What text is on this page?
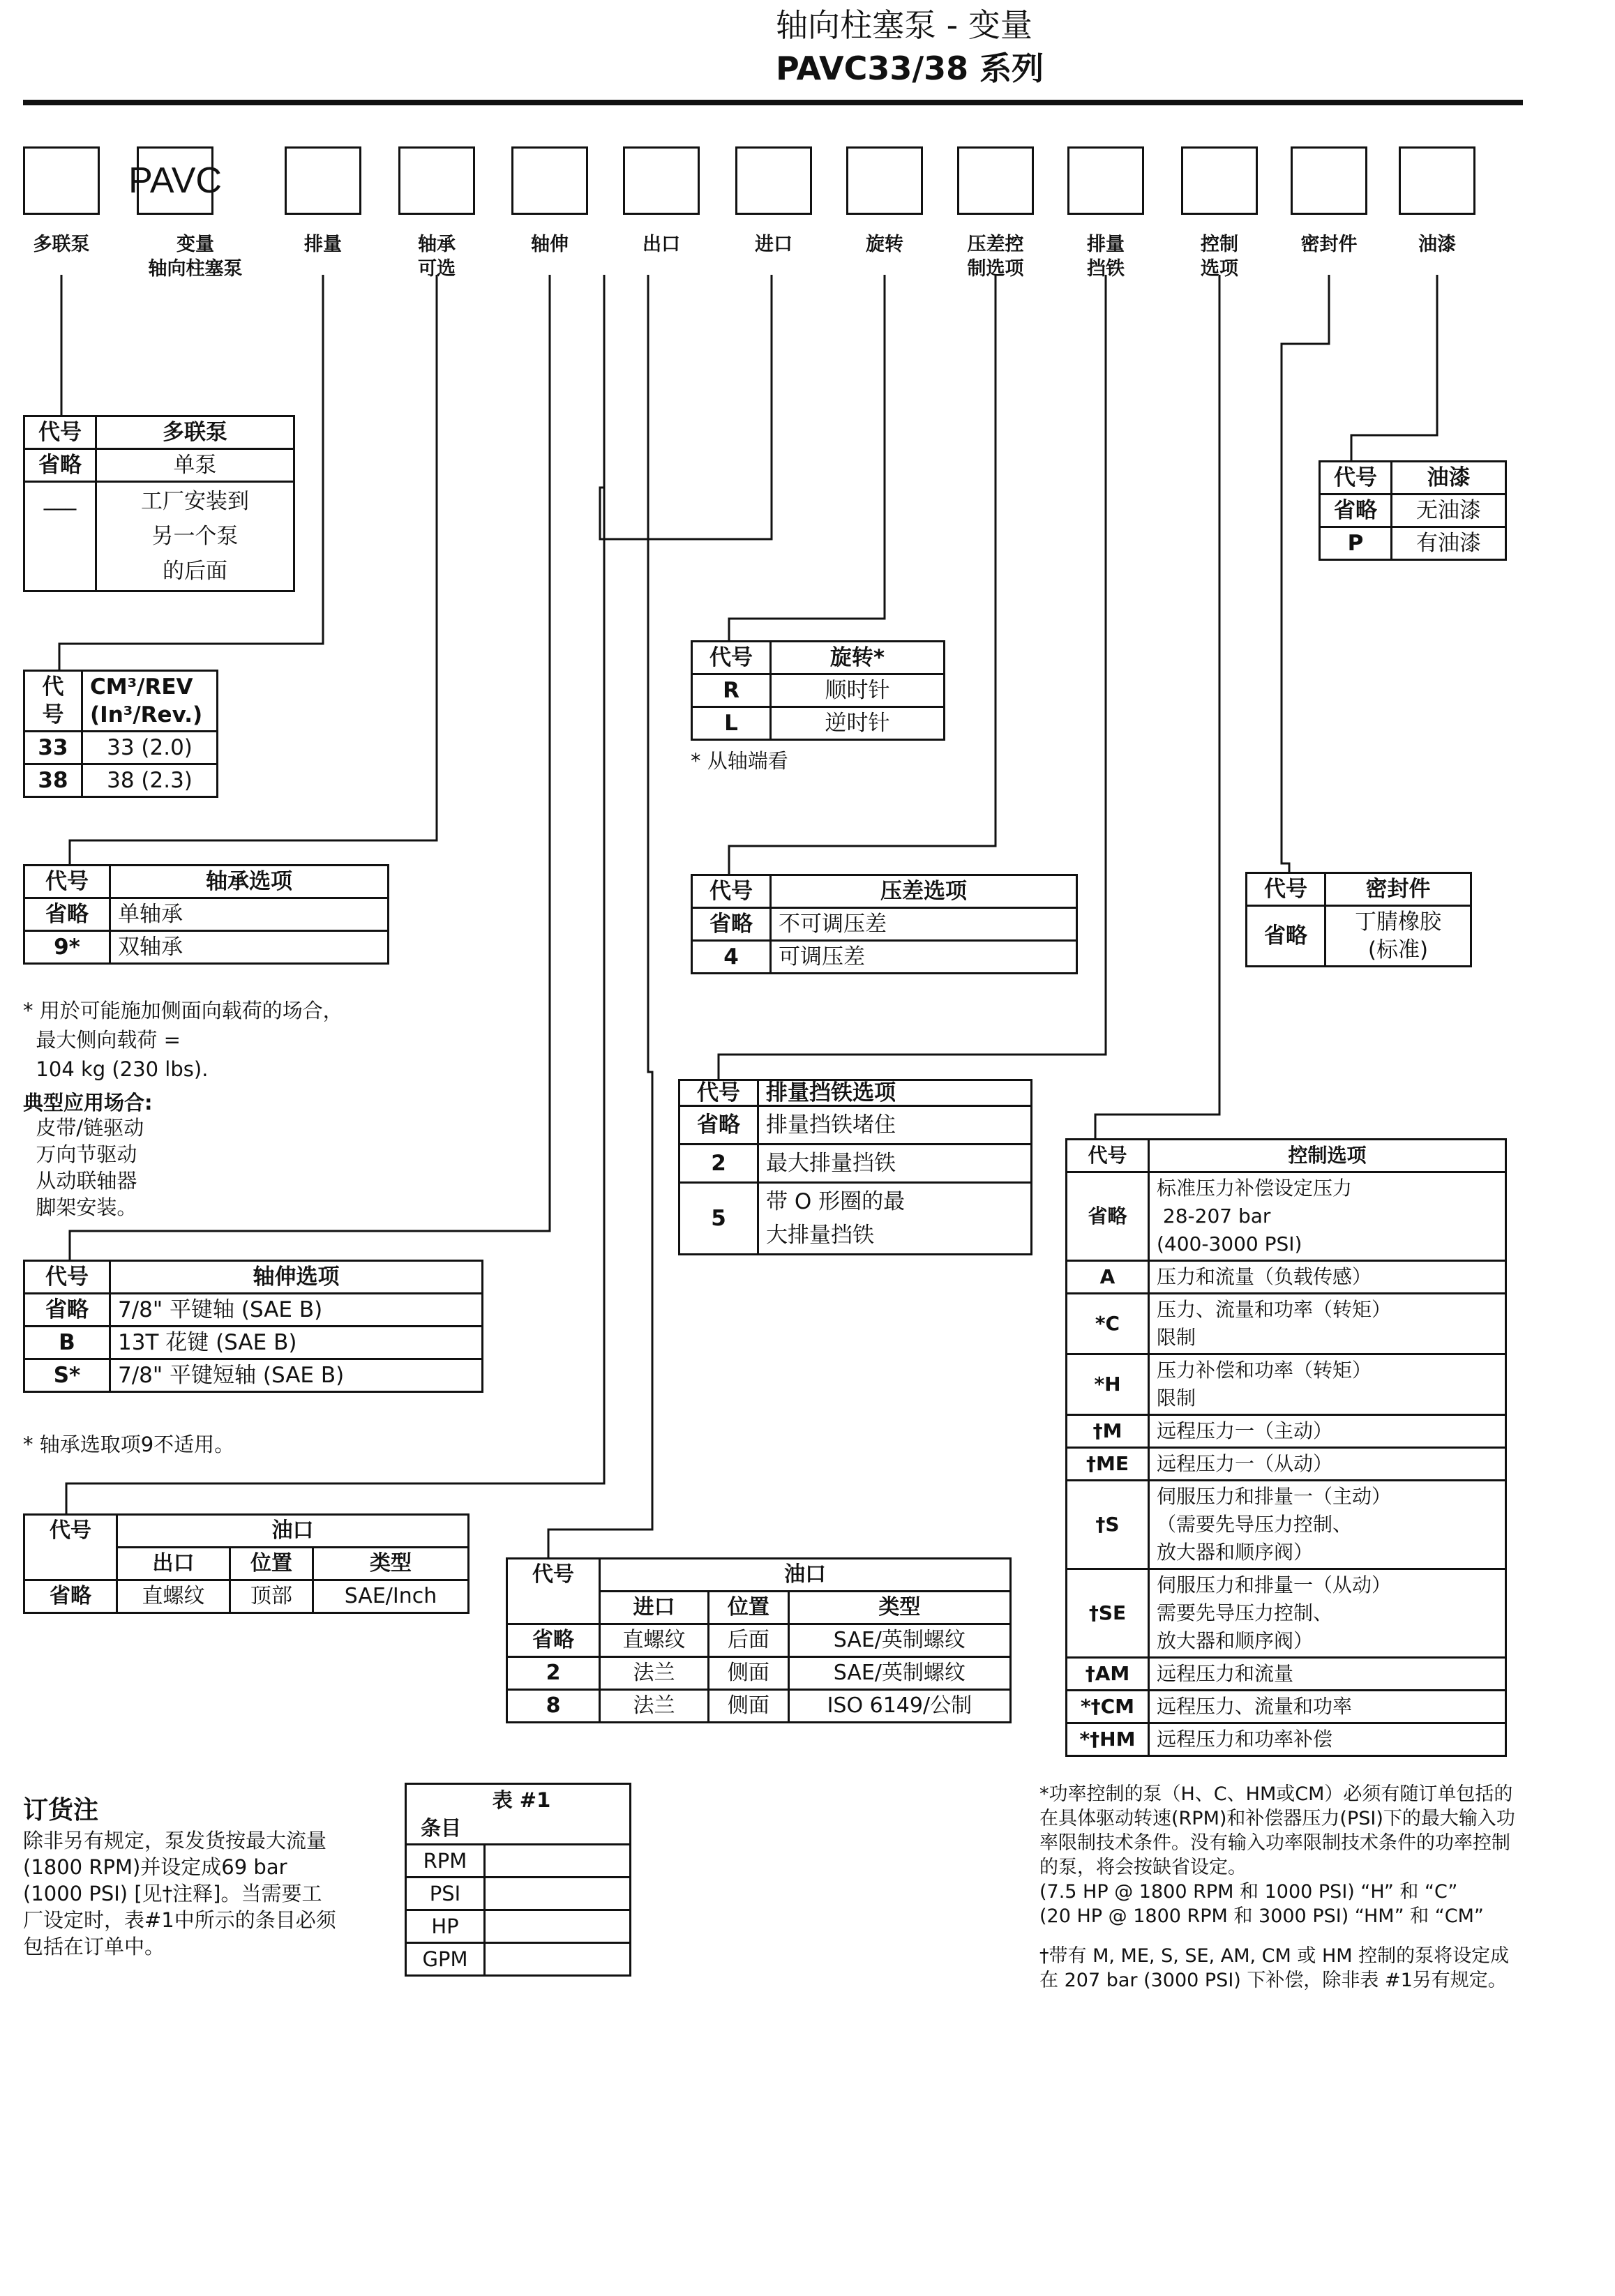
轴向柱塞泵 - 变量
PAVC33/38 系列
PAVC
多联泵	变量
轴向柱塞泵
排量	轴承
可选
轴伸	出口	进口	旋转	压差控
制选项
排量
挡铁
控制
选项
密封件	油漆
代号	多联泵
省略	单泵
___	工厂安装到
另一个泵
的后面
代号	CM³/REV
(In³/Rev.)
33	33 (2.0)
38	38 (2.3)
代号	轴承选项
省略	单轴承
9*	双轴承
* 用於可能施加侧面向载荷的场合，
最大侧向载荷 =
104 kg (230 lbs).
典型应用场合:
皮带/链驱动
万向节驱动
从动联轴器
脚架安装。
代号	轴伸选项
省略	7/8" 平键轴 (SAE B)
B	13T 花键 (SAE B)
S*	7/8" 平键短轴 (SAE B)
* 轴承选取项9不适用。
代号	油口		
	出口	位置	类型
省略	直螺纹	顶部	SAE/Inch
代号	油口		
	进口	位置	类型
省略	直螺纹	后面	SAE/英制螺纹
2	法兰	侧面	SAE/英制螺纹
8	法兰	侧面	ISO 6149/公制
代号	旋转*
R	顺时针
L	逆时针
* 从轴端看
代号	压差选项
省略	不可调压差
4	可调压差
代号	排量挡铁选项
省略	排量挡铁堵住
2	最大排量挡铁
5	带 O 形圈的最
大排量挡铁
代号	控制选项
省略	标准压力补偿设定压力
28-207 bar
(400-3000 PSI)
A	压力和流量（负载传感）
*C	压力、流量和功率（转矩）
限制
*H	压力补偿和功率（转矩）
限制
†M	远程压力一（主动）
†ME	远程压力一（从动）
†S	伺服压力和排量一（主动）
（需要先导压力控制、
放大器和顺序阀）
†SE	伺服压力和排量一（从动）
需要先导压力控制、
放大器和顺序阀）
†AM	远程压力和流量
*†CM	远程压力、流量和功率
*†HM	远程压力和功率补偿
代号	密封件
省略	丁腈橡胶
(标准)
代号	油漆
省略	无油漆
P	有油漆
订货注
除非另有规定，泵发货按最大流量(1800 RPM)并设定成69 bar (1000 PSI) [见†注释]。当需要工厂设定时，表#1中所示的条目必须包括在订单中。
表 #1
条目	

RPM	
PSI	
HP	
GPM	
*功率控制的泵（H、C、HM或CM）必须有随订单包括的在具体驱动转速(RPM)和补偿器压力(PSI)下的最大输入功率限制技术条件。没有输入功率限制技术条件的功率控制的泵，将会按缺省设定。
(7.5 HP @ 1800 RPM 和 1000 PSI) “H” 和 “C”
(20 HP @ 1800 RPM 和 3000 PSI) “HM” 和 “CM”
†带有 M, ME, S, SE, AM, CM 或 HM 控制的泵将设定成在 207 bar (3000 PSI) 下补偿，除非表 #1另有规定。
